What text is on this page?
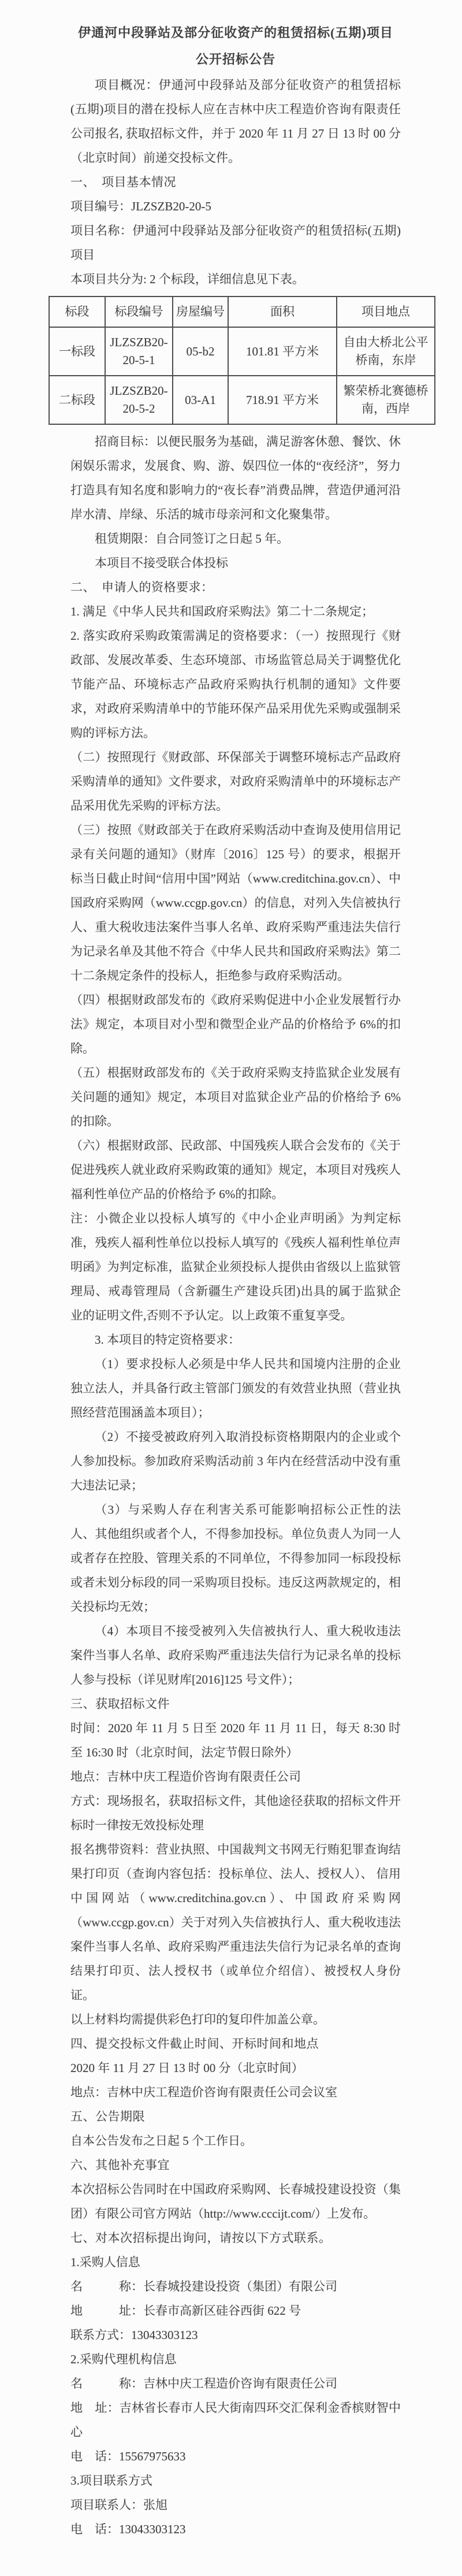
伊通河中段驿站及部分征收资产的租赁招标(五期)项目
公开招标公告

项目概况：伊通河中段驿站及部分征收资产的租赁招标(五期)项目的潜在投标人应在吉林中庆工程造价咨询有限责任公司报名, 获取招标文件，并于 2020 年 11 月 27 日 13 时 00 分（北京时间）前递交投标文件。

一、　项目基本情况

项目编号：JLZSZB20-20-5

项目名称：伊通河中段驿站及部分征收资产的租赁招标(五期)项目

本项目共分为: 2 个标段，详细信息见下表。

标段	标段编号	房屋编号	面积	项目地点
一标段	JLZSZB20-20-5-1	05-b2	101.81 平方米	自由大桥北公平桥南，东岸
二标段	JLZSZB20-20-5-2	03-A1	718.91 平方米	繁荣桥北赛德桥南，西岸

招商目标：以便民服务为基础，满足游客休憩、餐饮、休闲娱乐需求，发展食、购、游、娱四位一体的“夜经济”，努力打造具有知名度和影响力的“夜长春”消费品牌，营造伊通河沿岸水清、岸绿、乐活的城市母亲河和文化聚集带。

租赁期限：自合同签订之日起 5 年。

本项目不接受联合体投标

二、　申请人的资格要求：

1. 满足《中华人民共和国政府采购法》第二十二条规定；

2. 落实政府采购政策需满足的资格要求：（一）按照现行《财政部、发展改革委、生态环境部、市场监管总局关于调整优化节能产品、环境标志产品政府采购执行机制的通知》文件要求，对政府采购清单中的节能环保产品采用优先采购或强制采购的评标方法。

（二）按照现行《财政部、环保部关于调整环境标志产品政府采购清单的通知》文件要求，对政府采购清单中的环境标志产品采用优先采购的评标方法。

（三）按照《财政部关于在政府采购活动中查询及使用信用记录有关问题的通知》（财库〔2016〕125 号）的要求，根据开标当日截止时间“信用中国”网站（www.creditchina.gov.cn）、中国政府采购网（www.ccgp.gov.cn）的信息，对列入失信被执行人、重大税收违法案件当事人名单、政府采购严重违法失信行为记录名单及其他不符合《中华人民共和国政府采购法》第二十二条规定条件的投标人，拒绝参与政府采购活动。

（四）根据财政部发布的《政府采购促进中小企业发展暂行办法》规定，本项目对小型和微型企业产品的价格给予 6%的扣除。

（五）根据财政部发布的《关于政府采购支持监狱企业发展有关问题的通知》规定，本项目对监狱企业产品的价格给予 6%的扣除。

（六）根据财政部、民政部、中国残疾人联合会发布的《关于促进残疾人就业政府采购政策的通知》规定，本项目对残疾人福利性单位产品的价格给予 6%的扣除。

注：小微企业以投标人填写的《中小企业声明函》为判定标准，残疾人福利性单位以投标人填写的《残疾人福利性单位声明函》为判定标准，监狱企业须投标人提供由省级以上监狱管理局、戒毒管理局（含新疆生产建设兵团)出具的属于监狱企业的证明文件,否则不予认定。以上政策不重复享受。

3. 本项目的特定资格要求：

（1）要求投标人必须是中华人民共和国境内注册的企业独立法人，并具备行政主管部门颁发的有效营业执照（营业执照经营范围涵盖本项目）；

（2）不接受被政府列入取消投标资格期限内的企业或个人参加投标。参加政府采购活动前 3 年内在经营活动中没有重大违法记录；

（3）与采购人存在利害关系可能影响招标公正性的法人、其他组织或者个人，不得参加投标。单位负责人为同一人或者存在控股、管理关系的不同单位，不得参加同一标段投标或者未划分标段的同一采购项目投标。违反这两款规定的，相关投标均无效；

（4）本项目不接受被列入失信被执行人、重大税收违法案件当事人名单、政府采购严重违法失信行为记录名单的投标人参与投标（详见财库[2016]125 号文件）；

三、获取招标文件

时间：2020 年 11 月 5 日至 2020 年 11 月 11 日，每天 8:30 时至 16:30 时（北京时间，法定节假日除外）

地点：吉林中庆工程造价咨询有限责任公司

方式：现场报名，获取招标文件，其他途径获取的招标文件开标时一律按无效投标处理

报名携带资料：营业执照、中国裁判文书网无行贿犯罪查询结果打印页（查询内容包括：投标单位、法人、授权人）、 信用中国网站（www.creditchina.gov.cn）、中国政府采购网（www.ccgp.gov.cn）关于对列入失信被执行人、重大税收违法案件当事人名单、政府采购严重违法失信行为记录名单的查询结果打印页、法人授权书（或单位介绍信）、被授权人身份证。

以上材料均需提供彩色打印的复印件加盖公章。

四、提交投标文件截止时间、开标时间和地点

2020 年 11 月 27 日 13 时 00 分（北京时间）

地点：吉林中庆工程造价咨询有限责任公司会议室

五、公告期限

自本公告发布之日起 5 个工作日。

六、其他补充事宜

本次招标公告同时在中国政府采购网、长春城投建设投资（集团）有限公司官方网站（http://www.cccijt.com/）上发布。

七、对本次招标提出询问，请按以下方式联系。

1.采购人信息

名　　　称：长春城投建设投资（集团）有限公司

地　　　址：长春市高新区硅谷西街 622 号

联系方式：13043303123

2.采购代理机构信息

名　　　称：吉林中庆工程造价咨询有限责任公司

地　址：吉林省长春市人民大街南四环交汇保利金香槟财智中心

电　话：15567975633

3.项目联系方式

项目联系人：张旭

电　话：13043303123
